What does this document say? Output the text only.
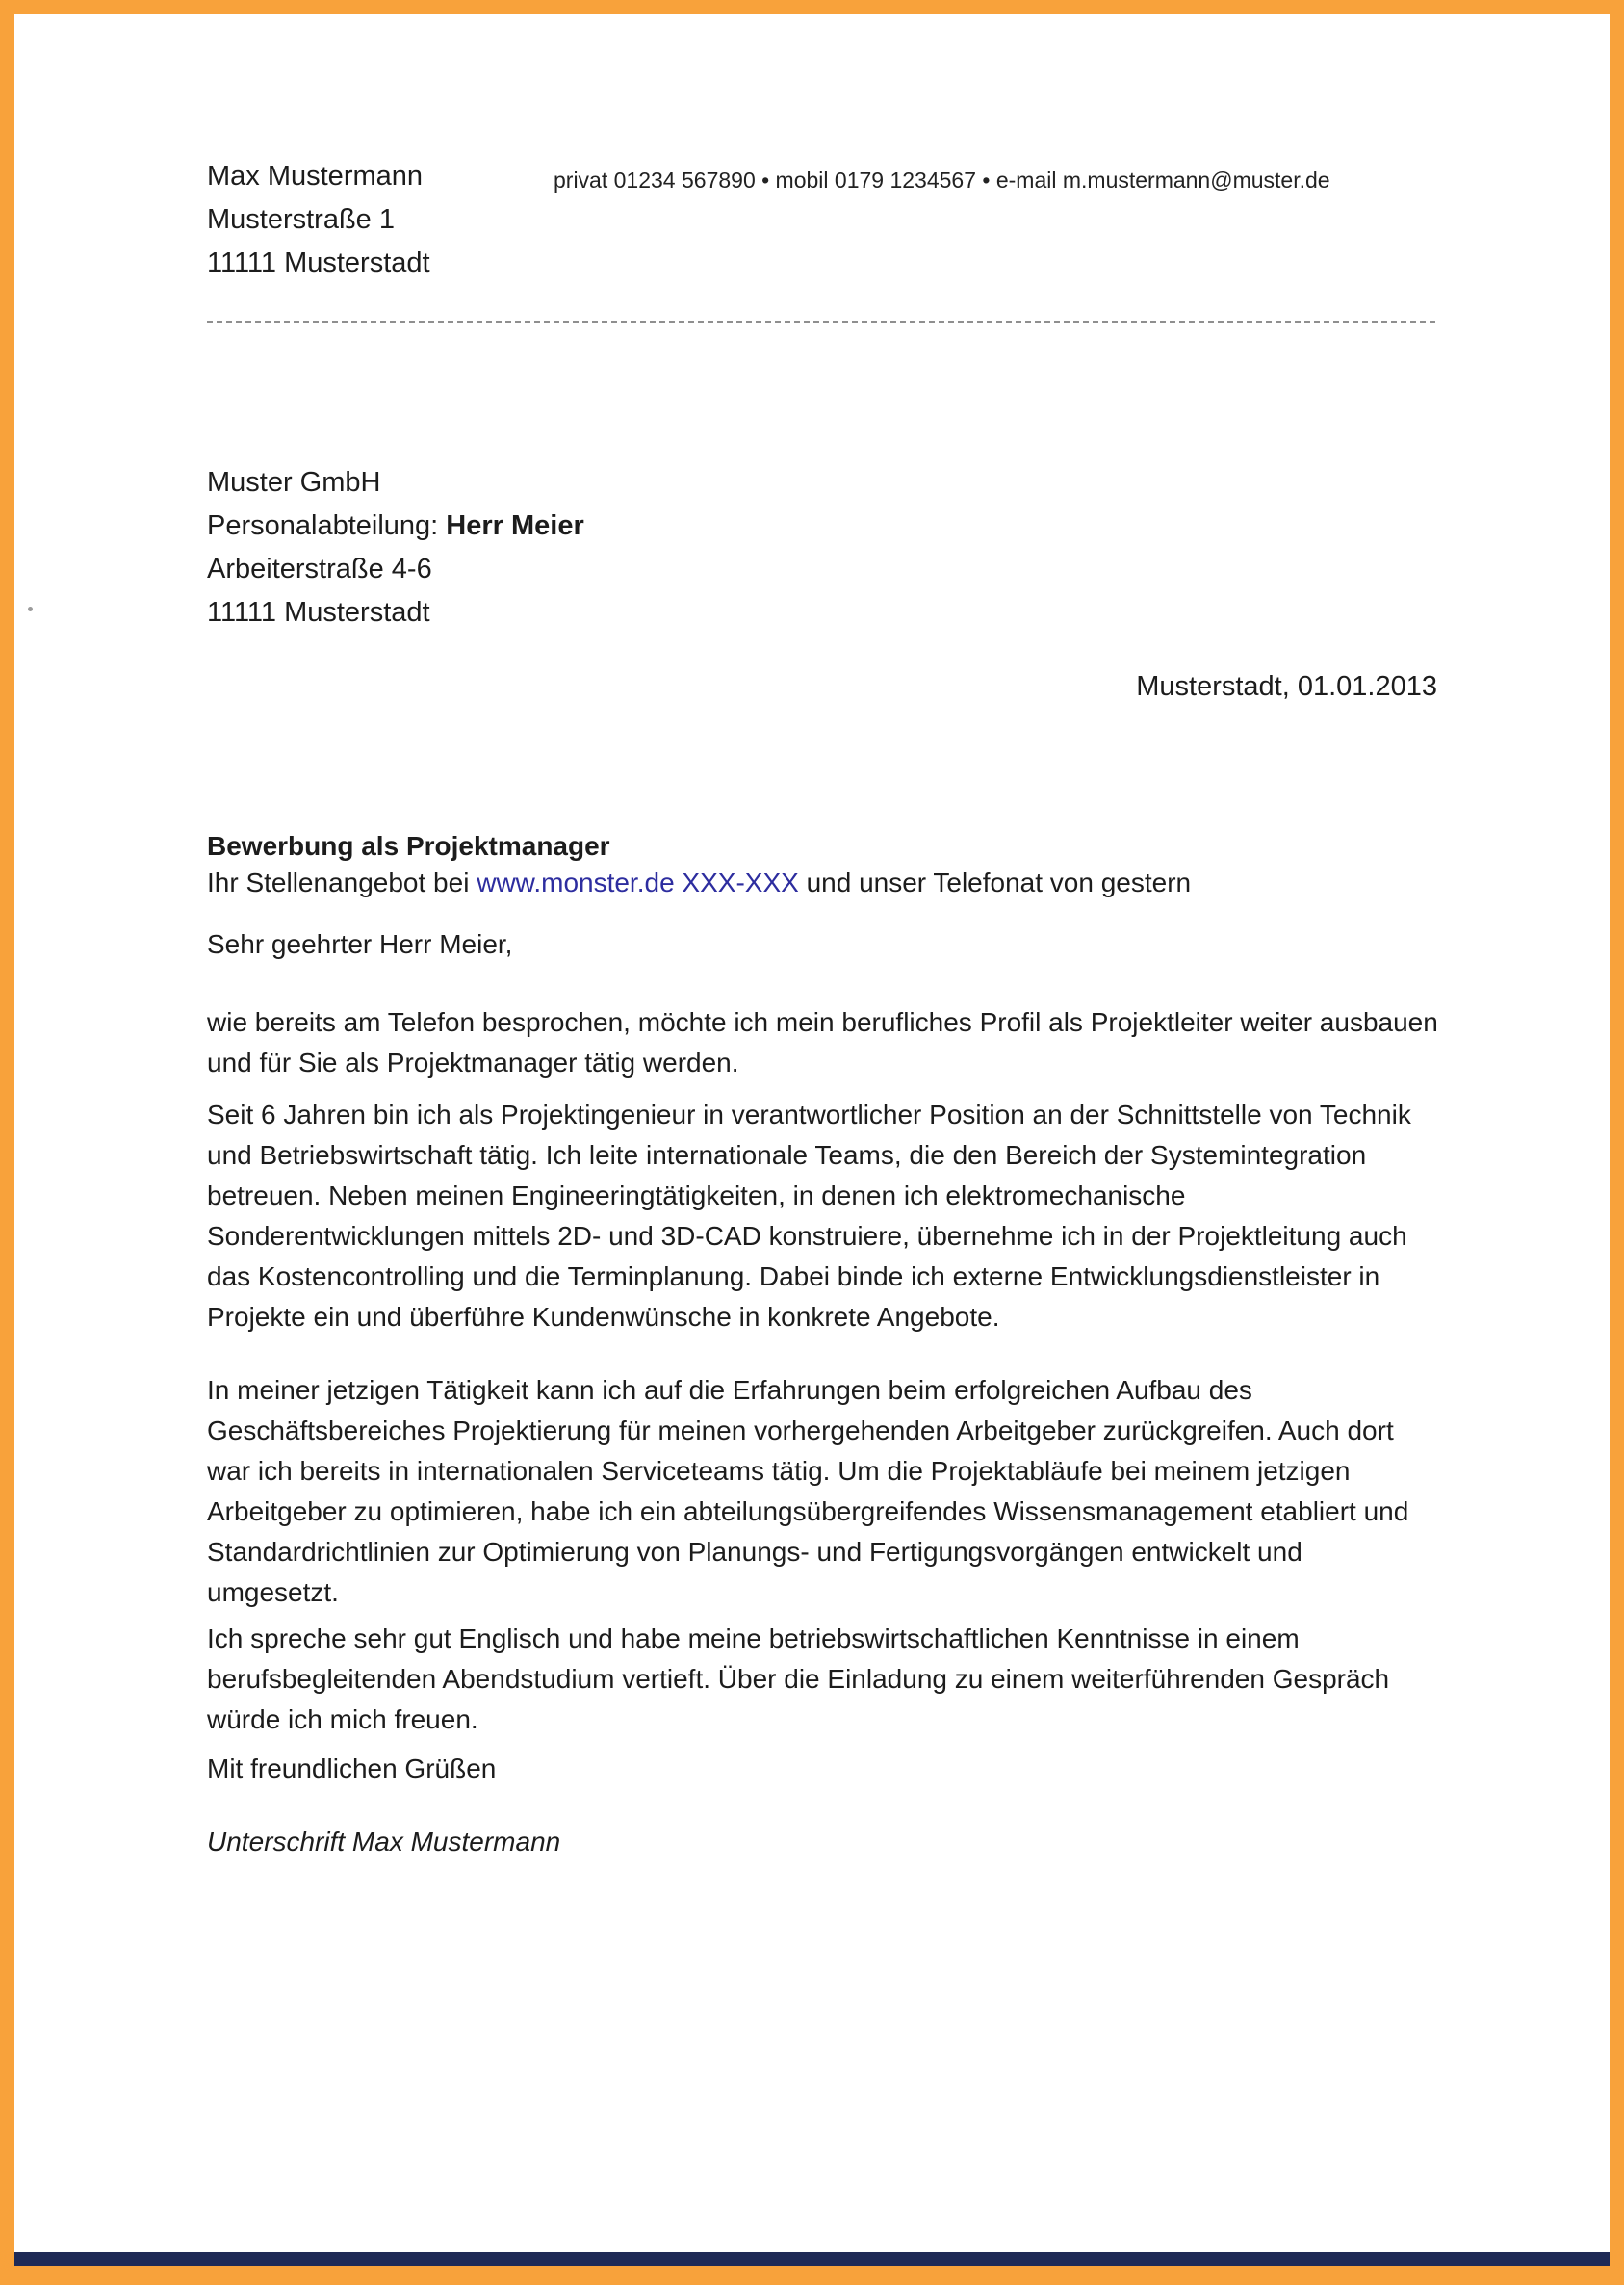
Max Mustermann
Musterstraße 1
11111 Musterstadt
privat 01234 567890 • mobil 0179 1234567 • e-mail m.mustermann@muster.de
Muster GmbH
Personalabteilung: Herr Meier
Arbeiterstraße 4-6
11111 Musterstadt
Musterstadt, 01.01.2013
Bewerbung als Projektmanager
Ihr Stellenangebot bei www.monster.de XXX-XXX und unser Telefonat von gestern
Sehr geehrter Herr Meier,
wie bereits am Telefon besprochen, möchte ich mein berufliches Profil als Projektleiter weiter ausbauen und für Sie als Projektmanager tätig werden.
Seit 6 Jahren bin ich als Projektingenieur in verantwortlicher Position an der Schnittstelle von Technik und Betriebswirtschaft tätig. Ich leite internationale Teams, die den Bereich der Systemintegration betreuen. Neben meinen Engineeringtätigkeiten, in denen ich elektromechanische Sonderentwicklungen mittels 2D- und 3D-CAD konstruiere, übernehme ich in der Projektleitung auch das Kostencontrolling und die Terminplanung. Dabei binde ich externe Entwicklungsdienstleister in Projekte ein und überführe Kundenwünsche in konkrete Angebote.
In meiner jetzigen Tätigkeit kann ich auf die Erfahrungen beim erfolgreichen Aufbau des Geschäftsbereiches Projektierung für meinen vorhergehenden Arbeitgeber zurückgreifen. Auch dort war ich bereits in internationalen Serviceteams tätig. Um die Projektabläufe bei meinem jetzigen Arbeitgeber zu optimieren, habe ich ein abteilungsübergreifendes Wissensmanagement etabliert und Standardrichtlinien zur Optimierung von Planungs- und Fertigungsvorgängen entwickelt und umgesetzt.
Ich spreche sehr gut Englisch und habe meine betriebswirtschaftlichen Kenntnisse in einem berufsbegleitenden Abendstudium vertieft. Über die Einladung zu einem weiterführenden Gespräch würde ich mich freuen.
Mit freundlichen Grüßen
Unterschrift Max Mustermann
